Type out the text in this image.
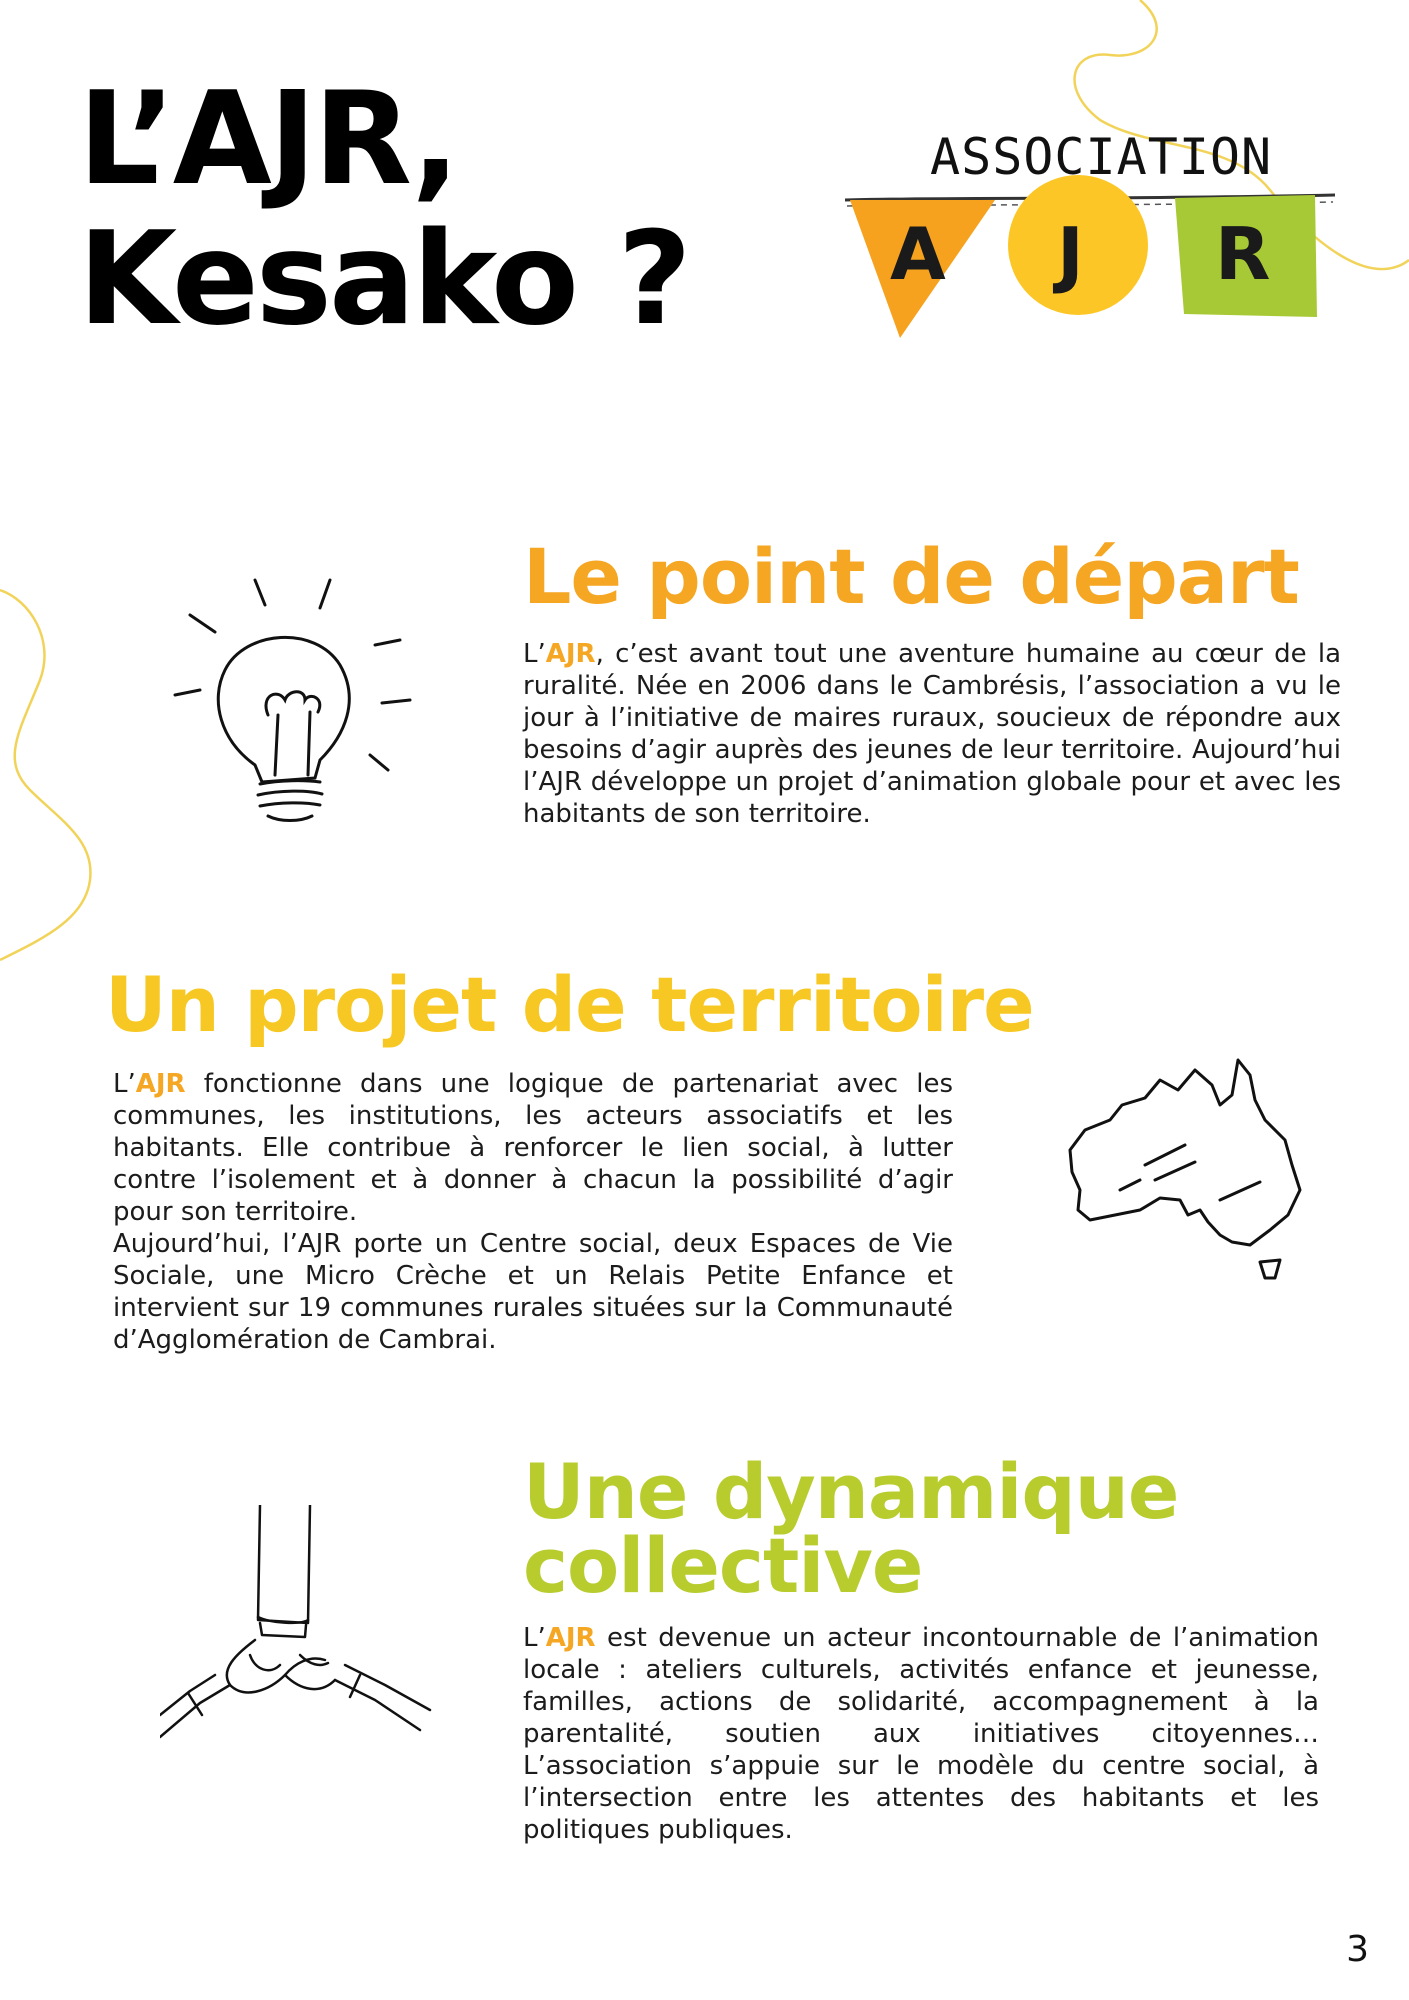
L’AJR,
Kesako ?
ASSOCIATION
A J R
Le point de départ

L’AJR, c’est avant tout une aventure humaine au cœur de la ruralité. Née en 2006 dans le Cambrésis, l’association a vu le jour à l’initiative de maires ruraux, soucieux de répondre aux besoins d’agir auprès des jeunes de leur territoire. Aujourd’hui l’AJR développe un projet d’animation globale pour et avec les habitants de son territoire.

Un projet de territoire
L’AJR fonctionne dans une logique de partenariat avec les communes, les institutions, les acteurs associatifs et les habitants. Elle contribue à renforcer le lien social, à lutter contre l’isolement et à donner à chacun la possibilité d’agir pour son territoire.
Aujourd’hui, l’AJR porte un Centre social, deux Espaces de Vie Sociale, une Micro Crèche et un Relais Petite Enfance et intervient sur 19 communes rurales situées sur la Communauté d’Agglomération de Cambrai.
Une dynamique
collective

L’AJR est devenue un acteur incontournable de l’animation locale : ateliers culturels, activités enfance et jeunesse, familles, actions de solidarité, accompagnement à la parentalité, soutien aux initiatives citoyennes… L’association s’appuie sur le modèle du centre social, à l’intersection entre les attentes des habitants et les politiques publiques.

3
